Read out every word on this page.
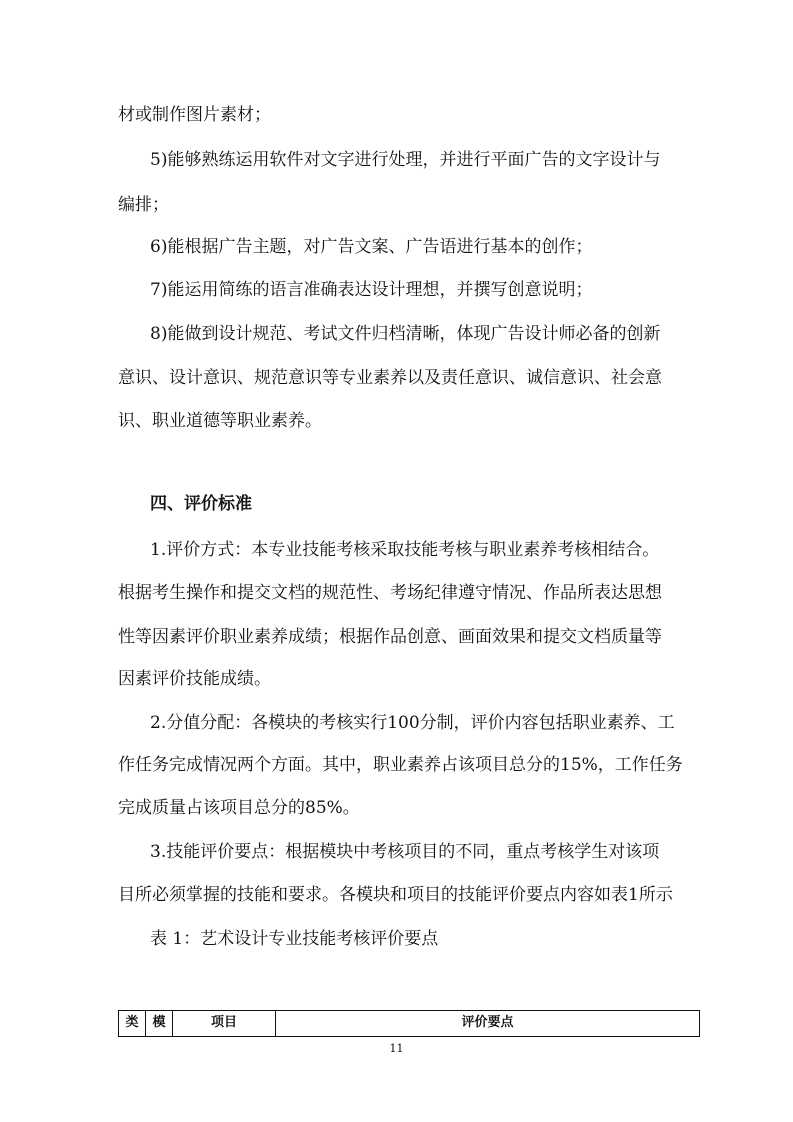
材或制作图片素材；
5)能够熟练运用软件对文字进行处理，并进行平面广告的文字设计与
编排；
6)能根据广告主题，对广告文案、广告语进行基本的创作；
7)能运用简练的语言准确表达设计理想，并撰写创意说明；
8)能做到设计规范、考试文件归档清晰，体现广告设计师必备的创新
意识、设计意识、规范意识等专业素养以及责任意识、诚信意识、社会意
识、职业道德等职业素养。
四、评价标准
1.评价方式：本专业技能考核采取技能考核与职业素养考核相结合。
根据考生操作和提交文档的规范性、考场纪律遵守情况、作品所表达思想
性等因素评价职业素养成绩；根据作品创意、画面效果和提交文档质量等
因素评价技能成绩。
2.分值分配：各模块的考核实行100分制，评价内容包括职业素养、工
作任务完成情况两个方面。其中，职业素养占该项目总分的15%，工作任务
完成质量占该项目总分的85%。
3.技能评价要点：根据模块中考核项目的不同，重点考核学生对该项
目所必须掌握的技能和要求。各模块和项目的技能评价要点内容如表1所示
表 1：艺术设计专业技能考核评价要点
类	模	项目	评价要点
11
